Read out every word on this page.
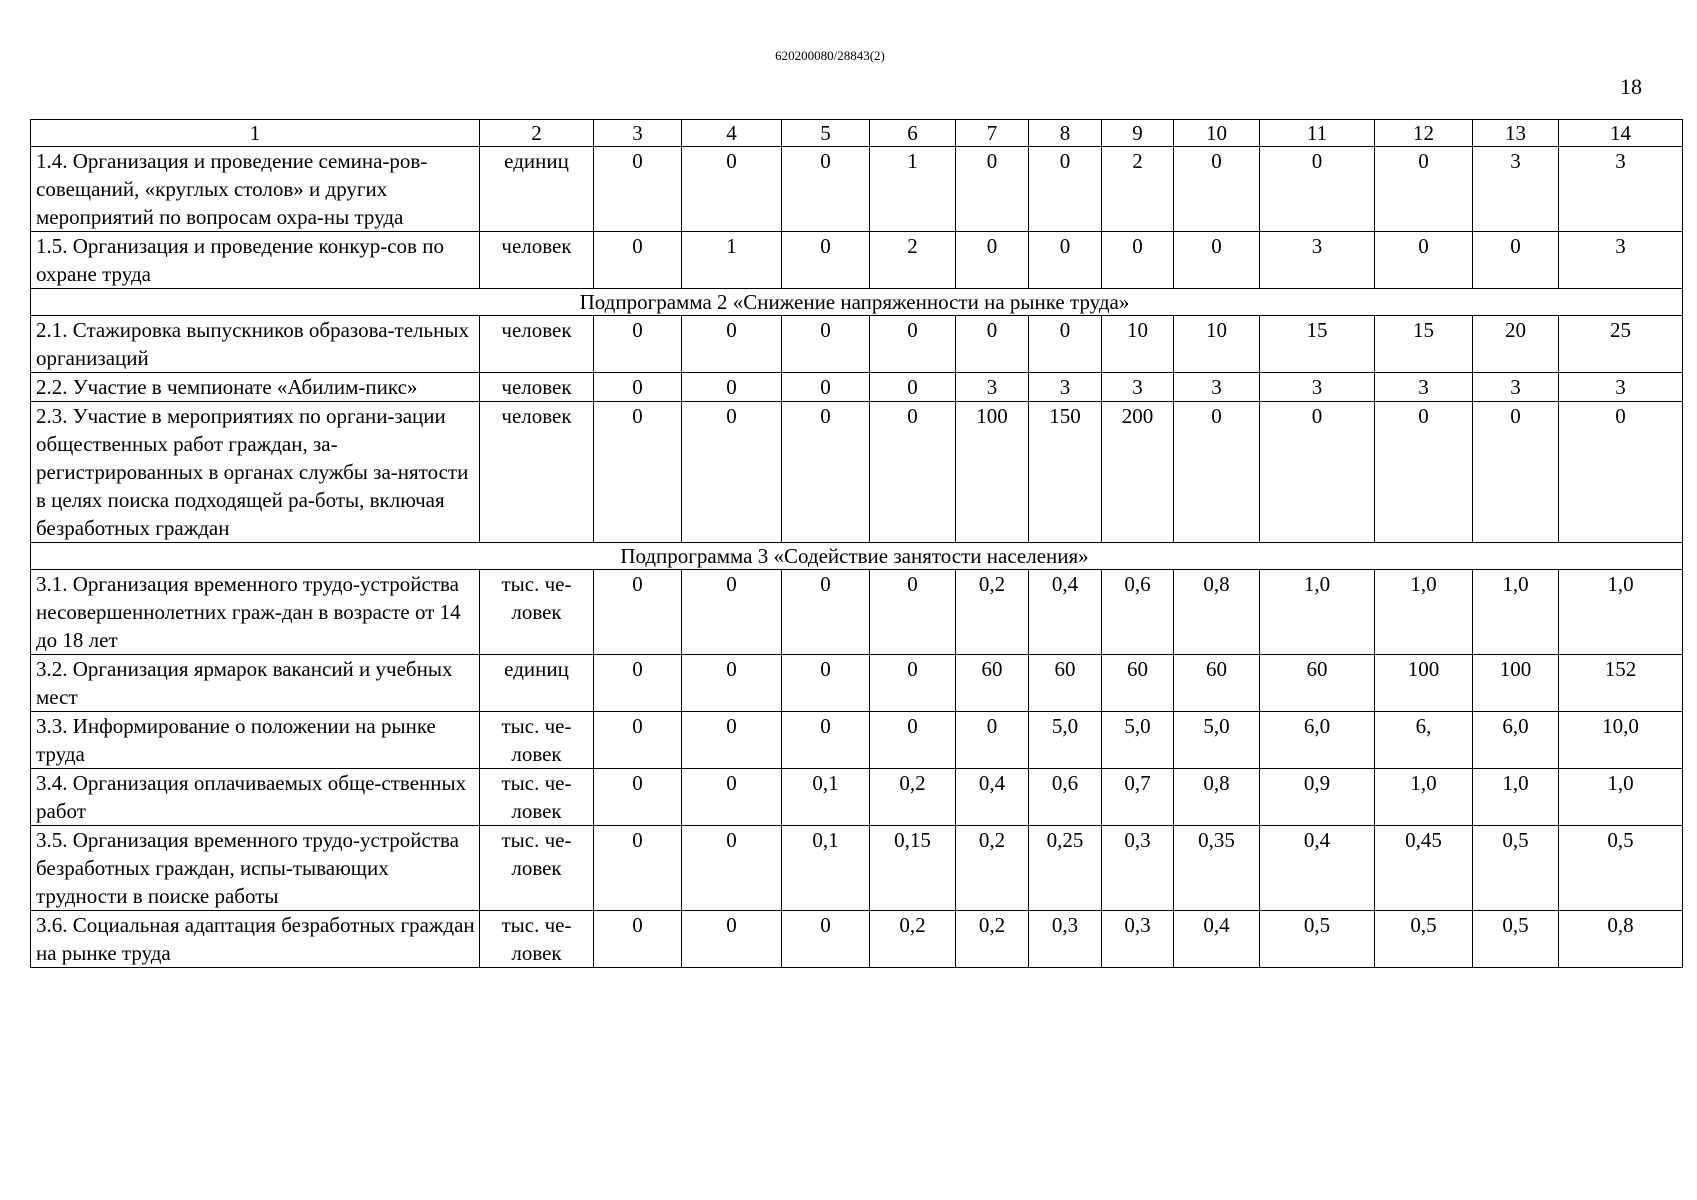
620200080/28843(2)
18
1	2	3	4	5	6	7	8	9	10	11	12	13	14
1.4. Организация и проведение семина-ров-совещаний, «круглых столов» и других мероприятий по вопросам охра-ны труда	единиц	0	0	0	1	0	0	2	0	0	0	3	3
1.5. Организация и проведение конкур-сов по охране труда	человек	0	1	0	2	0	0	0	0	3	0	0	3
Подпрограмма 2 «Снижение напряженности на рынке труда»													
2.1. Стажировка выпускников образова-тельных организаций	человек	0	0	0	0	0	0	10	10	15	15	20	25
2.2. Участие в чемпионате «Абилим-пикс»	человек	0	0	0	0	3	3	3	3	3	3	3	3
2.3. Участие в мероприятиях по органи-зации общественных работ граждан, за-регистрированных в органах службы за-нятости в целях поиска подходящей ра-боты, включая безработных граждан	человек	0	0	0	0	100	150	200	0	0	0	0	0
Подпрограмма 3 «Содействие занятости населения»													
3.1. Организация временного трудо-устройства несовершеннолетних граж-дан в возрасте от 14 до 18 лет	тыс. че-ловек	0	0	0	0	0,2	0,4	0,6	0,8	1,0	1,0	1,0	1,0
3.2. Организация ярмарок вакансий и учебных мест	единиц	0	0	0	0	60	60	60	60	60	100	100	152
3.3. Информирование о положении на рынке труда	тыс. че-ловек	0	0	0	0	0	5,0	5,0	5,0	6,0	6,	6,0	10,0
3.4. Организация оплачиваемых обще-ственных работ	тыс. че-ловек	0	0	0,1	0,2	0,4	0,6	0,7	0,8	0,9	1,0	1,0	1,0
3.5. Организация временного трудо-устройства безработных граждан, испы-тывающих трудности в поиске работы	тыс. че-ловек	0	0	0,1	0,15	0,2	0,25	0,3	0,35	0,4	0,45	0,5	0,5
3.6. Социальная адаптация безработных граждан на рынке труда	тыс. че-ловек	0	0	0	0,2	0,2	0,3	0,3	0,4	0,5	0,5	0,5	0,8
